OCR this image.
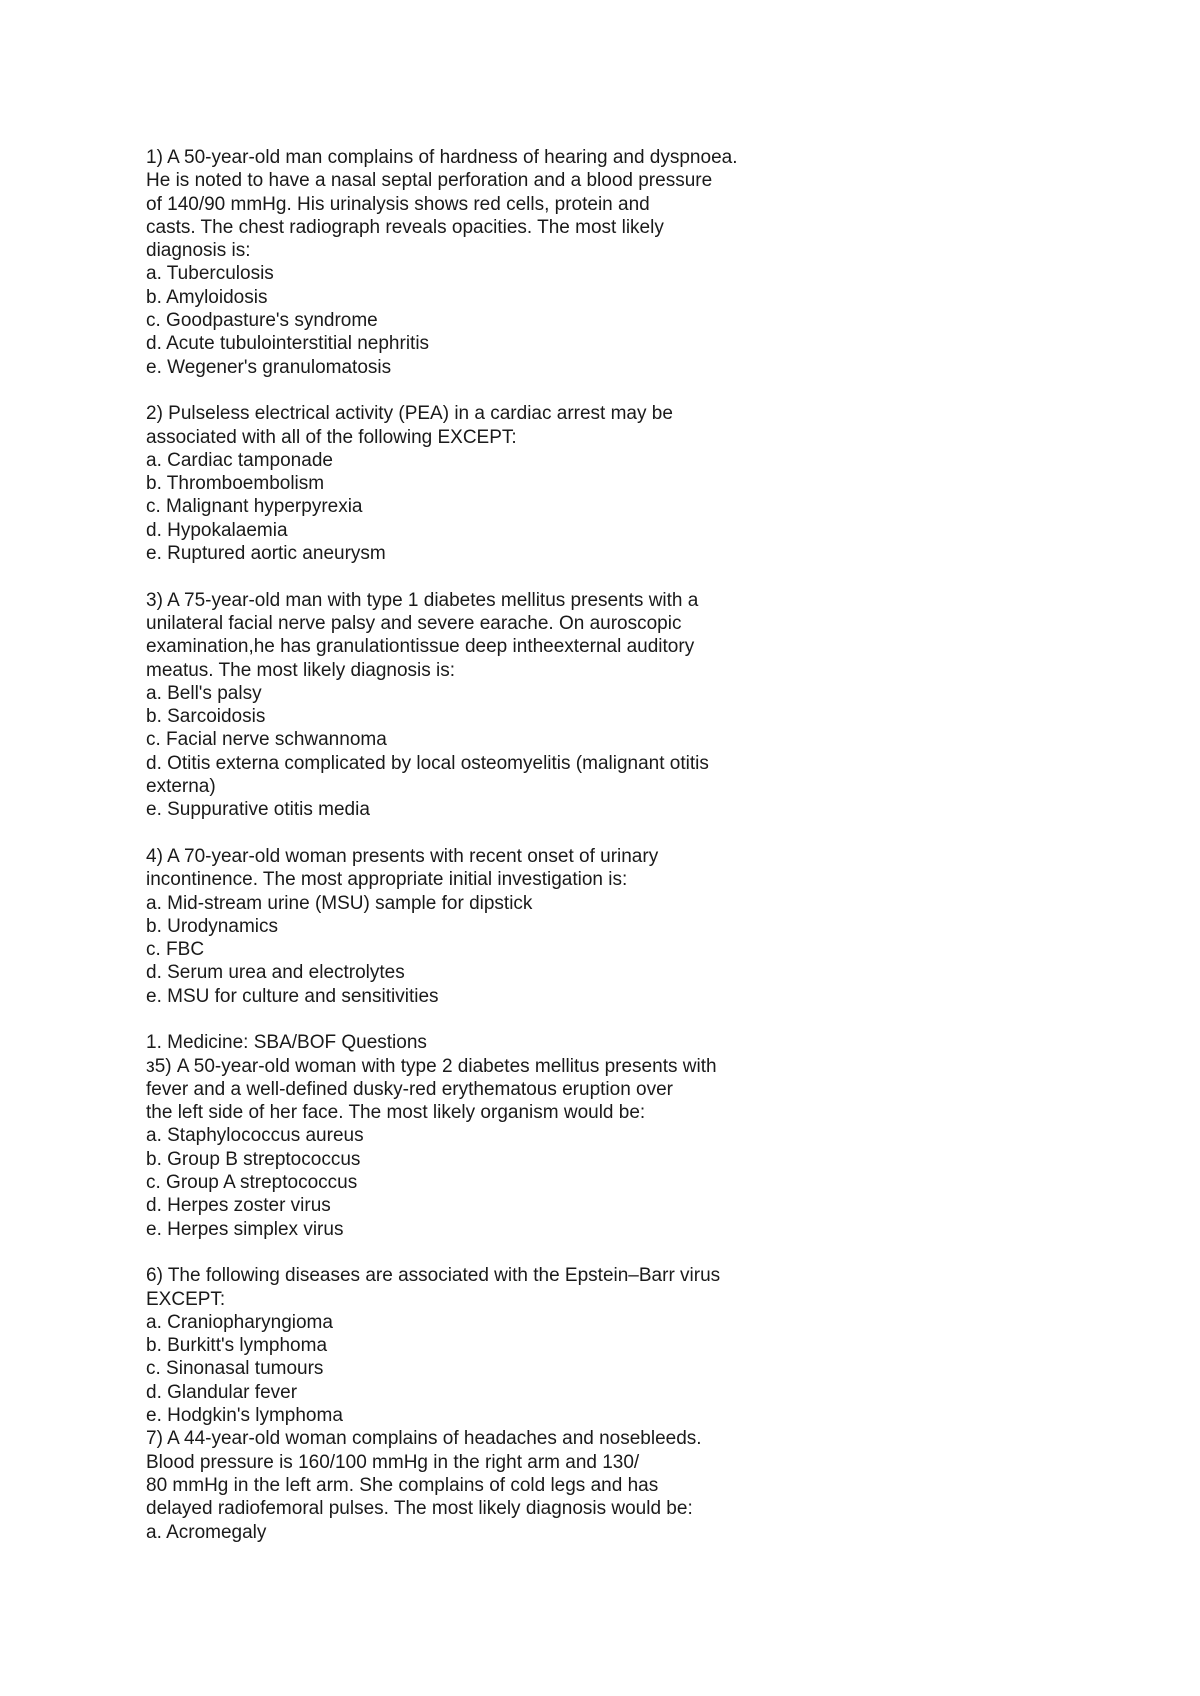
1) A 50-year-old man complains of hardness of hearing and dyspnoea.
He is noted to have a nasal septal perforation and a blood pressure
of 140/90 mmHg. His urinalysis shows red cells, protein and
casts. The chest radiograph reveals opacities. The most likely
diagnosis is:
a. Tuberculosis
b. Amyloidosis
c. Goodpasture's syndrome
d. Acute tubulointerstitial nephritis
e. Wegener's granulomatosis
2) Pulseless electrical activity (PEA) in a cardiac arrest may be
associated with all of the following EXCEPT:
a. Cardiac tamponade
b. Thromboembolism
c. Malignant hyperpyrexia
d. Hypokalaemia
e. Ruptured aortic aneurysm
3) A 75-year-old man with type 1 diabetes mellitus presents with a
unilateral facial nerve palsy and severe earache. On auroscopic
examination,he has granulationtissue deep intheexternal auditory
meatus. The most likely diagnosis is:
a. Bell's palsy
b. Sarcoidosis
c. Facial nerve schwannoma
d. Otitis externa complicated by local osteomyelitis (malignant otitis
externa)
e. Suppurative otitis media
4) A 70-year-old woman presents with recent onset of urinary
incontinence. The most appropriate initial investigation is:
a. Mid-stream urine (MSU) sample for dipstick
b. Urodynamics
c. FBC
d. Serum urea and electrolytes
e. MSU for culture and sensitivities
1. Medicine: SBA/BOF Questions
з5) A 50-year-old woman with type 2 diabetes mellitus presents with
fever and a well-defined dusky-red erythematous eruption over
the left side of her face. The most likely organism would be:
a. Staphylococcus aureus
b. Group B streptococcus
c. Group A streptococcus
d. Herpes zoster virus
e. Herpes simplex virus
6) The following diseases are associated with the Epstein–Barr virus
EXCEPT:
a. Craniopharyngioma
b. Burkitt's lymphoma
c. Sinonasal tumours
d. Glandular fever
e. Hodgkin's lymphoma
7) A 44-year-old woman complains of headaches and nosebleeds.
Blood pressure is 160/100 mmHg in the right arm and 130/
80 mmHg in the left arm. She complains of cold legs and has
delayed radiofemoral pulses. The most likely diagnosis would be:
a. Acromegaly
